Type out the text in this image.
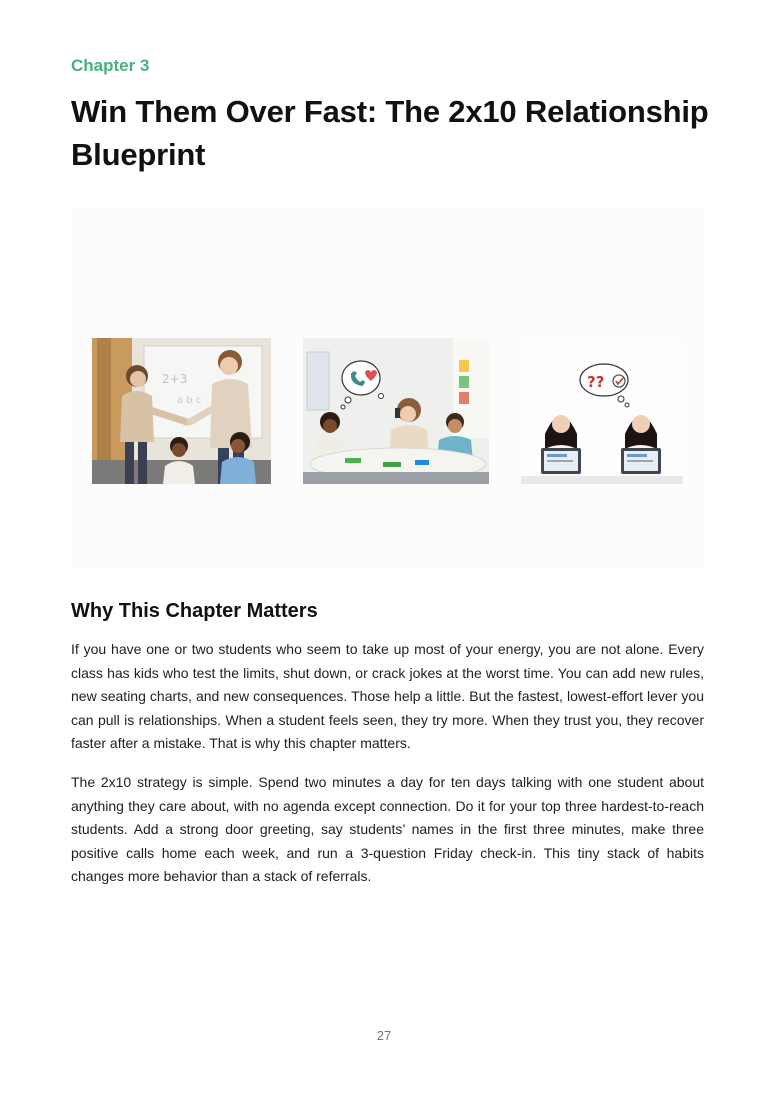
Chapter 3
Win Them Over Fast: The 2x10 Relationship Blueprint
2+3
a b c
??
Why This Chapter Matters

If you have one or two students who seem to take up most of your energy, you are not alone. Every class has kids who test the limits, shut down, or crack jokes at the worst time. You can add new rules, new seating charts, and new consequences. Those help a little. But the fastest, lowest-effort lever you can pull is relationships. When a student feels seen, they try more. When they trust you, they recover faster after a mistake. That is why this chapter matters.

The 2x10 strategy is simple. Spend two minutes a day for ten days talking with one student about anything they care about, with no agenda except connection. Do it for your top three hardest-to-reach students. Add a strong door greeting, say students’ names in the first three minutes, make three positive calls home each week, and run a 3-question Friday check-in. This tiny stack of habits changes more behavior than a stack of referrals.

27
